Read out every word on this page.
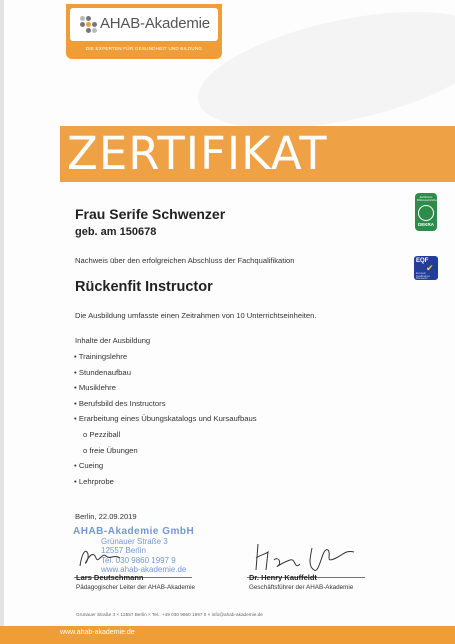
AHAB-Akademie
DIE EXPERTEN FÜR GESUNDHEIT UND BILDUNG
ZERTIFIKAT
Frau Serife Schwenzer
geb. am 150678
Nachweis über den erfolgreichen Abschluss der Fachqualifikation
Rückenfit Instructor
Die Ausbildung umfasste einen Zeitrahmen von 10 Unterrichtseinheiten.
Inhalte der Ausbildung
• Trainingslehre
• Stundenaufbau
• Musiklehre
• Berufsbild des Instructors
• Erarbeitung eines Übungskatalogs und Kursaufbaus
o Pezziball
o freie Übungen
• Cueing
• Lehrprobe
Berlin, 22.09.2019
Zertifizierte Bildungseinrichtung
DEKRA
EQF
✔
European Qualifications Framework
AHAB-Akademie GmbH
Grünauer Straße 3
12557 Berlin
Tel. 030 9860 1997 9
www.ahab-akademie.de
Lars Deutschmann
Pädagogischer Leiter der AHAB-Akademie
Dr. Henry Kauffeldt
Geschäftsführer der AHAB-Akademie
Grünauer Straße 3 × 12557 Berlin × Tel.: +49 030 9860 1997 0 × info@ahab-akademie.de
www.ahab-akademie.de
